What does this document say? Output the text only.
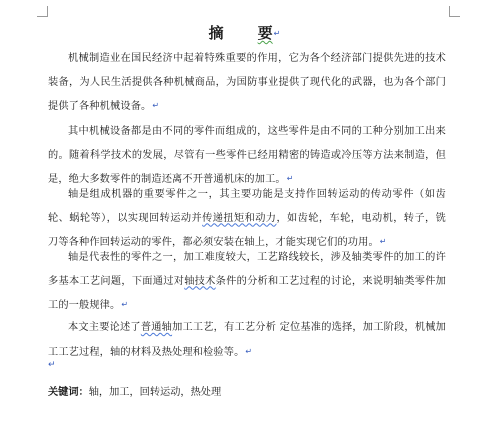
摘 要↵
机械制造业在国民经济中起着特殊重要的作用，它为各个经济部门提供先进的技术装备，为人民生活提供各种机械商品，为国防事业提供了现代化的武器，也为各个部门提供了各种机械设备。↵
其中机械设备都是由不同的零件而组成的，这些零件是由不同的工种分别加工出来的。随着科学技术的发展，尽管有一些零件已经用精密的铸造或冷压等方法来制造，但是，绝大多数零件的制造还离不开普通机床的加工。↵
轴是组成机器的重要零件之一，其主要功能是支持作回转运动的传动零件（如齿轮、蜗轮等），以实现回转运动并传递扭矩和动力，如齿轮，车轮，电动机，转子，铣刀等各种作回转运动的零件，都必须安装在轴上，才能实现它们的功用。↵
轴是代表性的零件之一，加工难度较大，工艺路线较长，涉及轴类零件的加工的许多基本工艺问题，下面通过对轴技术条件的分析和工艺过程的讨论，来说明轴类零件加工的一般规律。↵
本文主要论述了普通轴加工工艺，有工艺分析 定位基准的选择，加工阶段，机械加工工艺过程，轴的材料及热处理和检验等。↵
↵
关键词：轴，加工，回转运动，热处理
